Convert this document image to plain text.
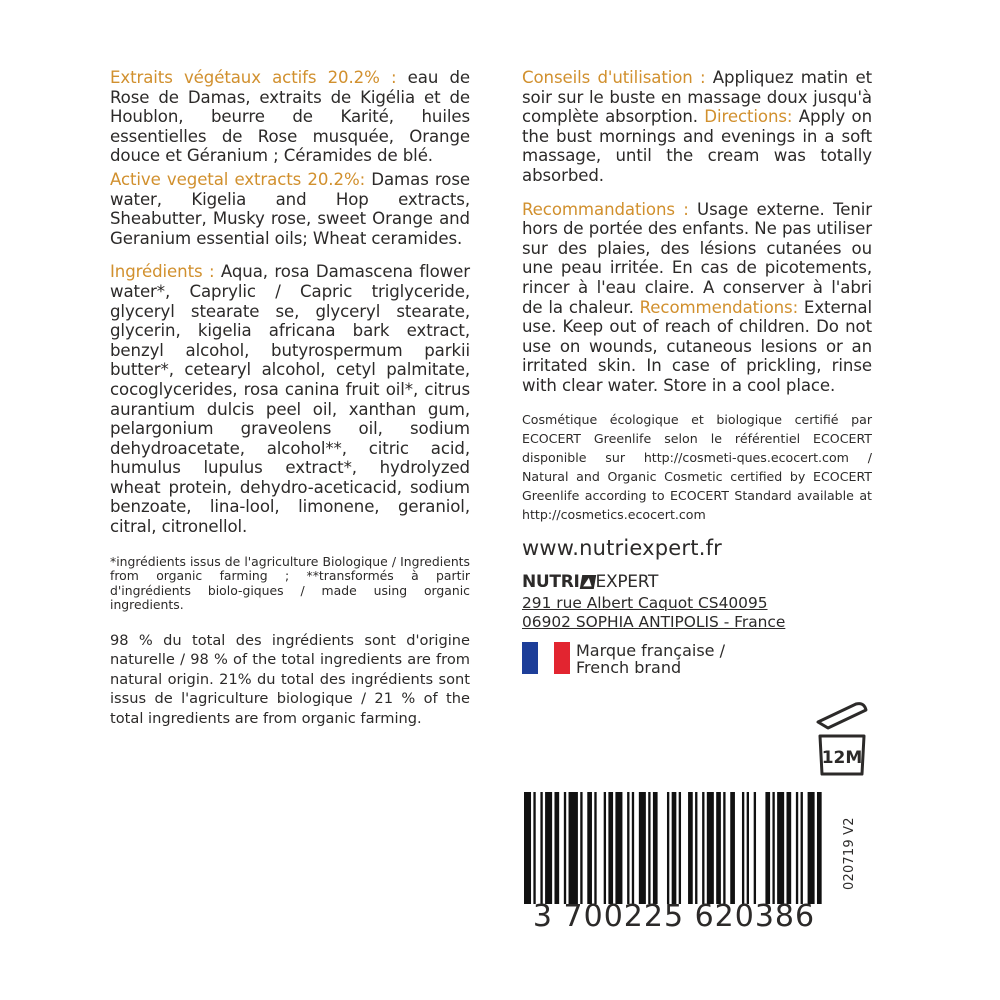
Extraits végétaux actifs 20.2% : eau de Rose de Damas, extraits de Kigélia et de Houblon, beurre de Karité, huiles essentielles de Rose musquée, Orange douce et Géranium ; Céramides de blé.

Active vegetal extracts 20.2%: Damas rose water, Kigelia and Hop extracts, Sheabutter, Musky rose, sweet Orange and Geranium essential oils; Wheat ceramides.

Ingrédients : Aqua, rosa Damascena flower water*, Caprylic / Capric triglyceride, glyceryl stearate se, glyceryl stearate, glycerin, kigelia africana bark extract, benzyl alcohol, butyrospermum parkii butter*, cetearyl alcohol, cetyl palmitate, cocoglycerides, rosa canina fruit oil*, citrus aurantium dulcis peel oil, xanthan gum, pelargonium graveolens oil, sodium dehydroacetate, alcohol**, citric acid, humulus lupulus extract*, hydrolyzed wheat protein, dehydro-aceticacid, sodium benzoate, lina-lool, limonene, geraniol, citral, citronellol.

*ingrédients issus de l'agriculture Biologique / Ingredients from organic farming ; **transformés à partir d'ingrédients biolo-giques / made using organic ingredients.

98 % du total des ingrédients sont d'origine naturelle / 98 % of the total ingredients are from natural origin. 21% du total des ingrédients sont issus de l'agriculture biologique / 21 % of the total ingredients are from organic farming.

Conseils d'utilisation : Appliquez matin et soir sur le buste en massage doux jusqu'à complète absorption. Directions: Apply on the bust mornings and evenings in a soft massage, until the cream was totally absorbed.

Recommandations : Usage externe. Tenir hors de portée des enfants. Ne pas utiliser sur des plaies, des lésions cutanées ou une peau irritée. En cas de picotements, rincer à l'eau claire. A conserver à l'abri de la chaleur. Recommendations: External use. Keep out of reach of children. Do not use on wounds, cutaneous lesions or an irritated skin. In case of prickling, rinse with clear water. Store in a cool place.

Cosmétique écologique et biologique certifié par ECOCERT Greenlife selon le référentiel ECOCERT disponible sur http://cosmeti-ques.ecocert.com / Natural and Organic Cosmetic certified by ECOCERT Greenlife according to ECOCERT Standard available at http://cosmetics.ecocert.com

www.nutriexpert.fr
NUTRI ▲ EXPERT
291 rue Albert Caquot CS40095
06902 SOPHIA ANTIPOLIS - France
Marque française /
French brand
12M
3 700225 620386
020719 V2
